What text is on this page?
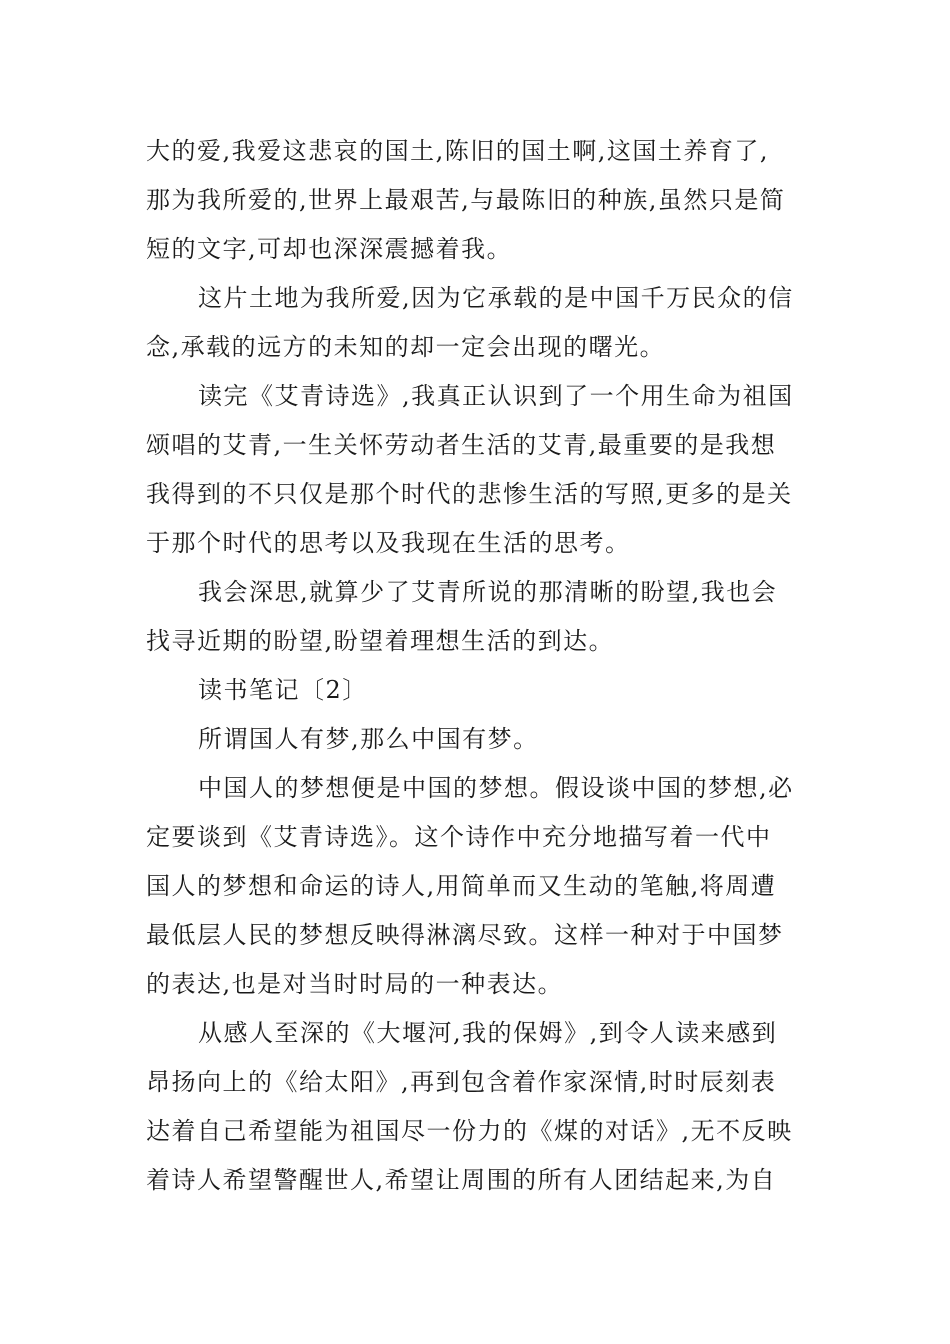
大的爱,我爱这悲哀的国土,陈旧的国土啊,这国土养育了,
那为我所爱的,世界上最艰苦,与最陈旧的种族,虽然只是简
短的文字,可却也深深震撼着我。
这片土地为我所爱,因为它承载的是中国千万民众的信
念,承载的远方的未知的却一定会出现的曙光。
读完《艾青诗选》,我真正认识到了一个用生命为祖国
颂唱的艾青,一生关怀劳动者生活的艾青,最重要的是我想
我得到的不只仅是那个时代的悲惨生活的写照,更多的是关
于那个时代的思考以及我现在生活的思考。
我会深思,就算少了艾青所说的那清晰的盼望,我也会
找寻近期的盼望,盼望着理想生活的到达。
读书笔记〔2〕
所谓国人有梦,那么中国有梦。
中国人的梦想便是中国的梦想。假设谈中国的梦想,必
定要谈到《艾青诗选》。这个诗作中充分地描写着一代中
国人的梦想和命运的诗人,用简单而又生动的笔触,将周遭
最低层人民的梦想反映得淋漓尽致。这样一种对于中国梦
的表达,也是对当时时局的一种表达。
从感人至深的《大堰河,我的保姆》,到令人读来感到
昂扬向上的《给太阳》,再到包含着作家深情,时时辰刻表
达着自己希望能为祖国尽一份力的《煤的对话》,无不反映
着诗人希望警醒世人,希望让周围的所有人团结起来,为自
